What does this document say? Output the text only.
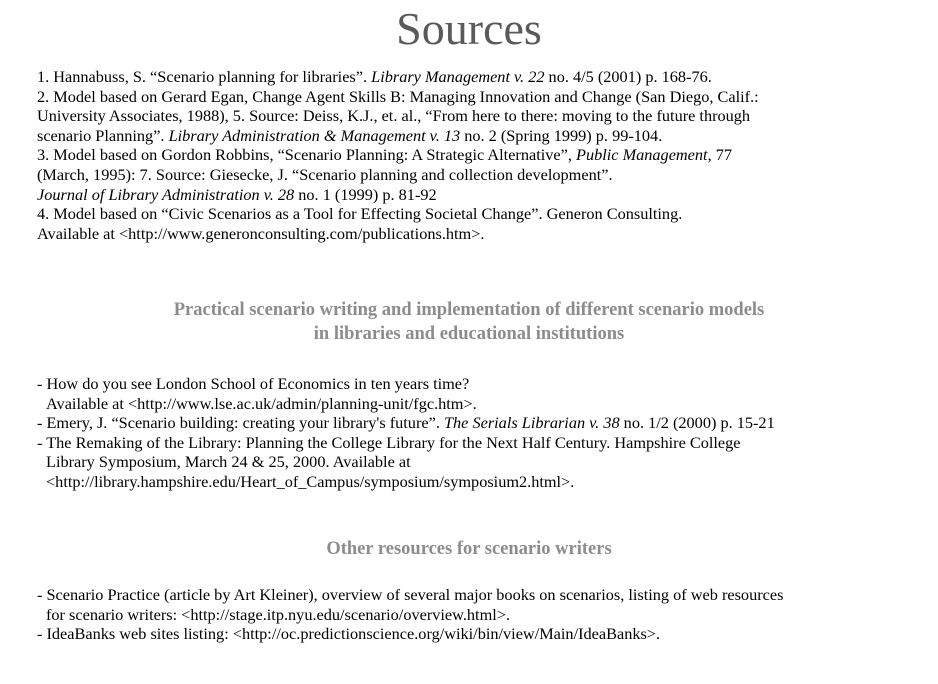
Sources
1. Hannabuss, S. “Scenario planning for libraries”. Library Management v. 22 no. 4/5 (2001) p. 168-76.
2. Model based on Gerard Egan, Change Agent Skills B: Managing Innovation and Change (San Diego, Calif.:
University Associates, 1988), 5. Source: Deiss, K.J., et. al., “From here to there: moving to the future through
scenario Planning”. Library Administration & Management v. 13 no. 2 (Spring 1999) p. 99-104.
3. Model based on Gordon Robbins, “Scenario Planning: A Strategic Alternative”, Public Management, 77
(March, 1995): 7. Source: Giesecke, J. “Scenario planning and collection development”.
Journal of Library Administration v. 28 no. 1 (1999) p. 81-92
4. Model based on “Civic Scenarios as a Tool for Effecting Societal Change”. Generon Consulting.
Available at <http://www.generonconsulting.com/publications.htm>.
Practical scenario writing and implementation of different scenario models
in libraries and educational institutions
- How do you see London School of Economics in ten years time?
Available at <http://www.lse.ac.uk/admin/planning-unit/fgc.htm>.
- Emery, J. “Scenario building: creating your library's future”. The Serials Librarian v. 38 no. 1/2 (2000) p. 15-21
- The Remaking of the Library: Planning the College Library for the Next Half Century. Hampshire College
Library Symposium, March 24 & 25, 2000. Available at
<http://library.hampshire.edu/Heart_of_Campus/symposium/symposium2.html>.
Other resources for scenario writers
- Scenario Practice (article by Art Kleiner), overview of several major books on scenarios, listing of web resources
for scenario writers: <http://stage.itp.nyu.edu/scenario/overview.html>.
- IdeaBanks web sites listing: <http://oc.predictionscience.org/wiki/bin/view/Main/IdeaBanks>.
